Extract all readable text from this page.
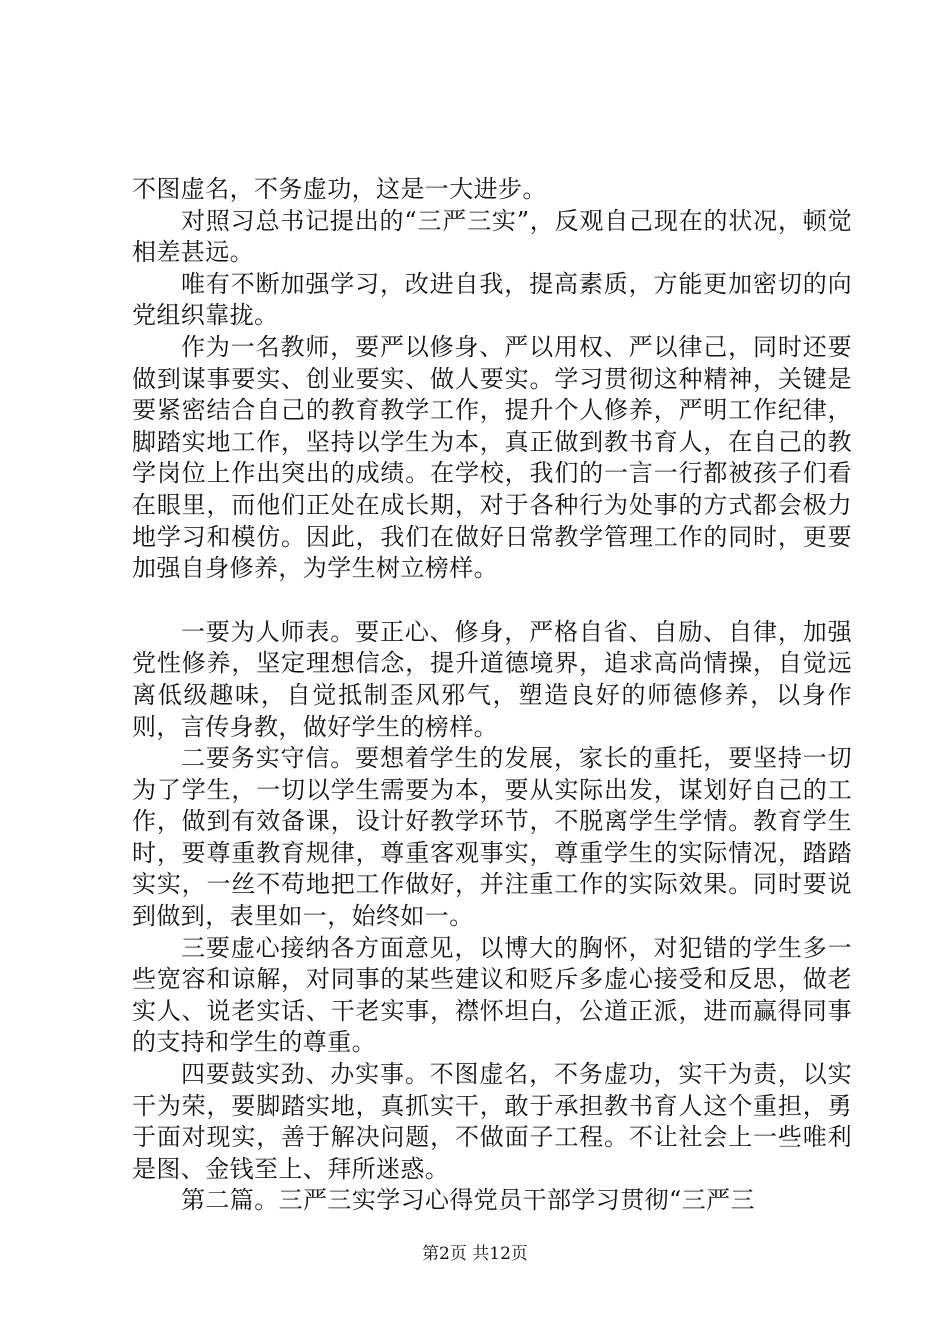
不图虚名，不务虚功，这是一大进步。

对照习总书记提出的“三严三实”，反观自己现在的状况，顿觉相差甚远。

唯有不断加强学习，改进自我，提高素质，方能更加密切的向党组织靠拢。

作为一名教师，要严以修身、严以用权、严以律己，同时还要做到谋事要实、创业要实、做人要实。学习贯彻这种精神，关键是要紧密结合自己的教育教学工作，提升个人修养，严明工作纪律，脚踏实地工作，坚持以学生为本，真正做到教书育人，在自己的教学岗位上作出突出的成绩。在学校，我们的一言一行都被孩子们看在眼里，而他们正处在成长期，对于各种行为处事的方式都会极力地学习和模仿。因此，我们在做好日常教学管理工作的同时，更要加强自身修养，为学生树立榜样。

一要为人师表。要正心、修身，严格自省、自励、自律，加强党性修养，坚定理想信念，提升道德境界，追求高尚情操，自觉远离低级趣味，自觉抵制歪风邪气，塑造良好的师德修养，以身作则，言传身教，做好学生的榜样。

二要务实守信。要想着学生的发展，家长的重托，要坚持一切为了学生，一切以学生需要为本，要从实际出发，谋划好自己的工作，做到有效备课，设计好教学环节，不脱离学生学情。教育学生时，要尊重教育规律，尊重客观事实，尊重学生的实际情况，踏踏实实，一丝不苟地把工作做好，并注重工作的实际效果。同时要说到做到，表里如一，始终如一。

三要虚心接纳各方面意见，以博大的胸怀，对犯错的学生多一些宽容和谅解，对同事的某些建议和贬斥多虚心接受和反思，做老实人、说老实话、干老实事，襟怀坦白，公道正派，进而赢得同事的支持和学生的尊重。

四要鼓实劲、办实事。不图虚名，不务虚功，实干为责，以实干为荣，要脚踏实地，真抓实干，敢于承担教书育人这个重担，勇于面对现实，善于解决问题，不做面子工程。不让社会上一些唯利是图、金钱至上、拜所迷惑。

第二篇。三严三实学习心得党员干部学习贯彻“三严三

第2页 共12页
